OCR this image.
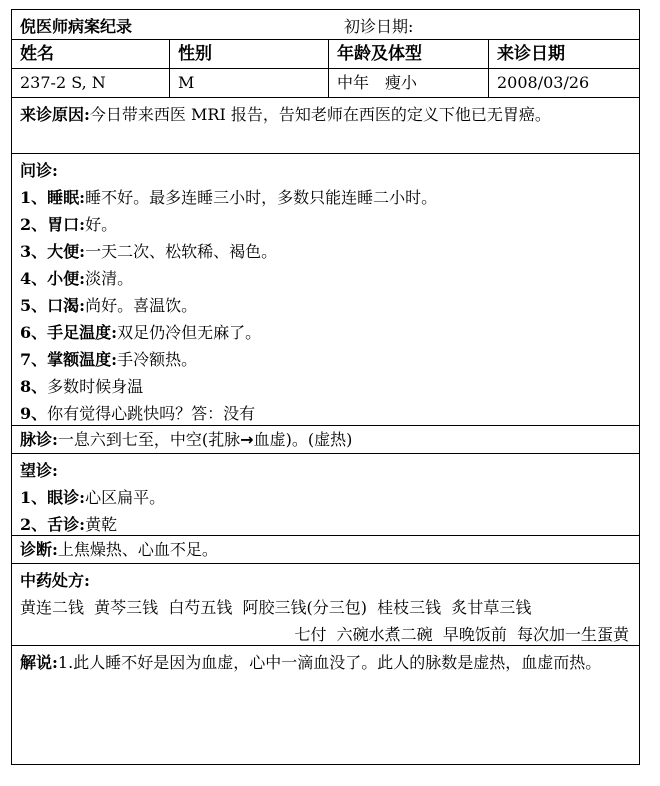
倪医师病案纪录	初诊日期:
姓名	性别	年龄及体型	来诊日期
237-2 S, N	M	中年　瘦小	2008/03/26
来诊原因:今日带来西医 MRI 报告，告知老师在西医的定义下他已无胃癌。
问诊:
1、睡眠:睡不好。最多连睡三小时，多数只能连睡二小时。
2、胃口:好。
3、大便:一天二次、松软稀、褐色。
4、小便:淡清。
5、口渴:尚好。喜温饮。
6、手足温度:双足仍冷但无麻了。
7、掌额温度:手冷额热。
8、多数时候身温
9、你有觉得心跳快吗？答：没有
脉诊:一息六到七至，中空(芤脉→血虚)。(虚热)
望诊:
1、眼诊:心区扁平。
2、舌诊:黄乾
诊断:上焦燥热、心血不足。
中药处方:
黄连二钱  黄芩三钱  白芍五钱  阿胶三钱(分三包)  桂枝三钱  炙甘草三钱
七付  六碗水煮二碗  早晚饭前  每次加一生蛋黄
解说:1.此人睡不好是因为血虚，心中一滴血没了。此人的脉数是虚热，血虚而热。
